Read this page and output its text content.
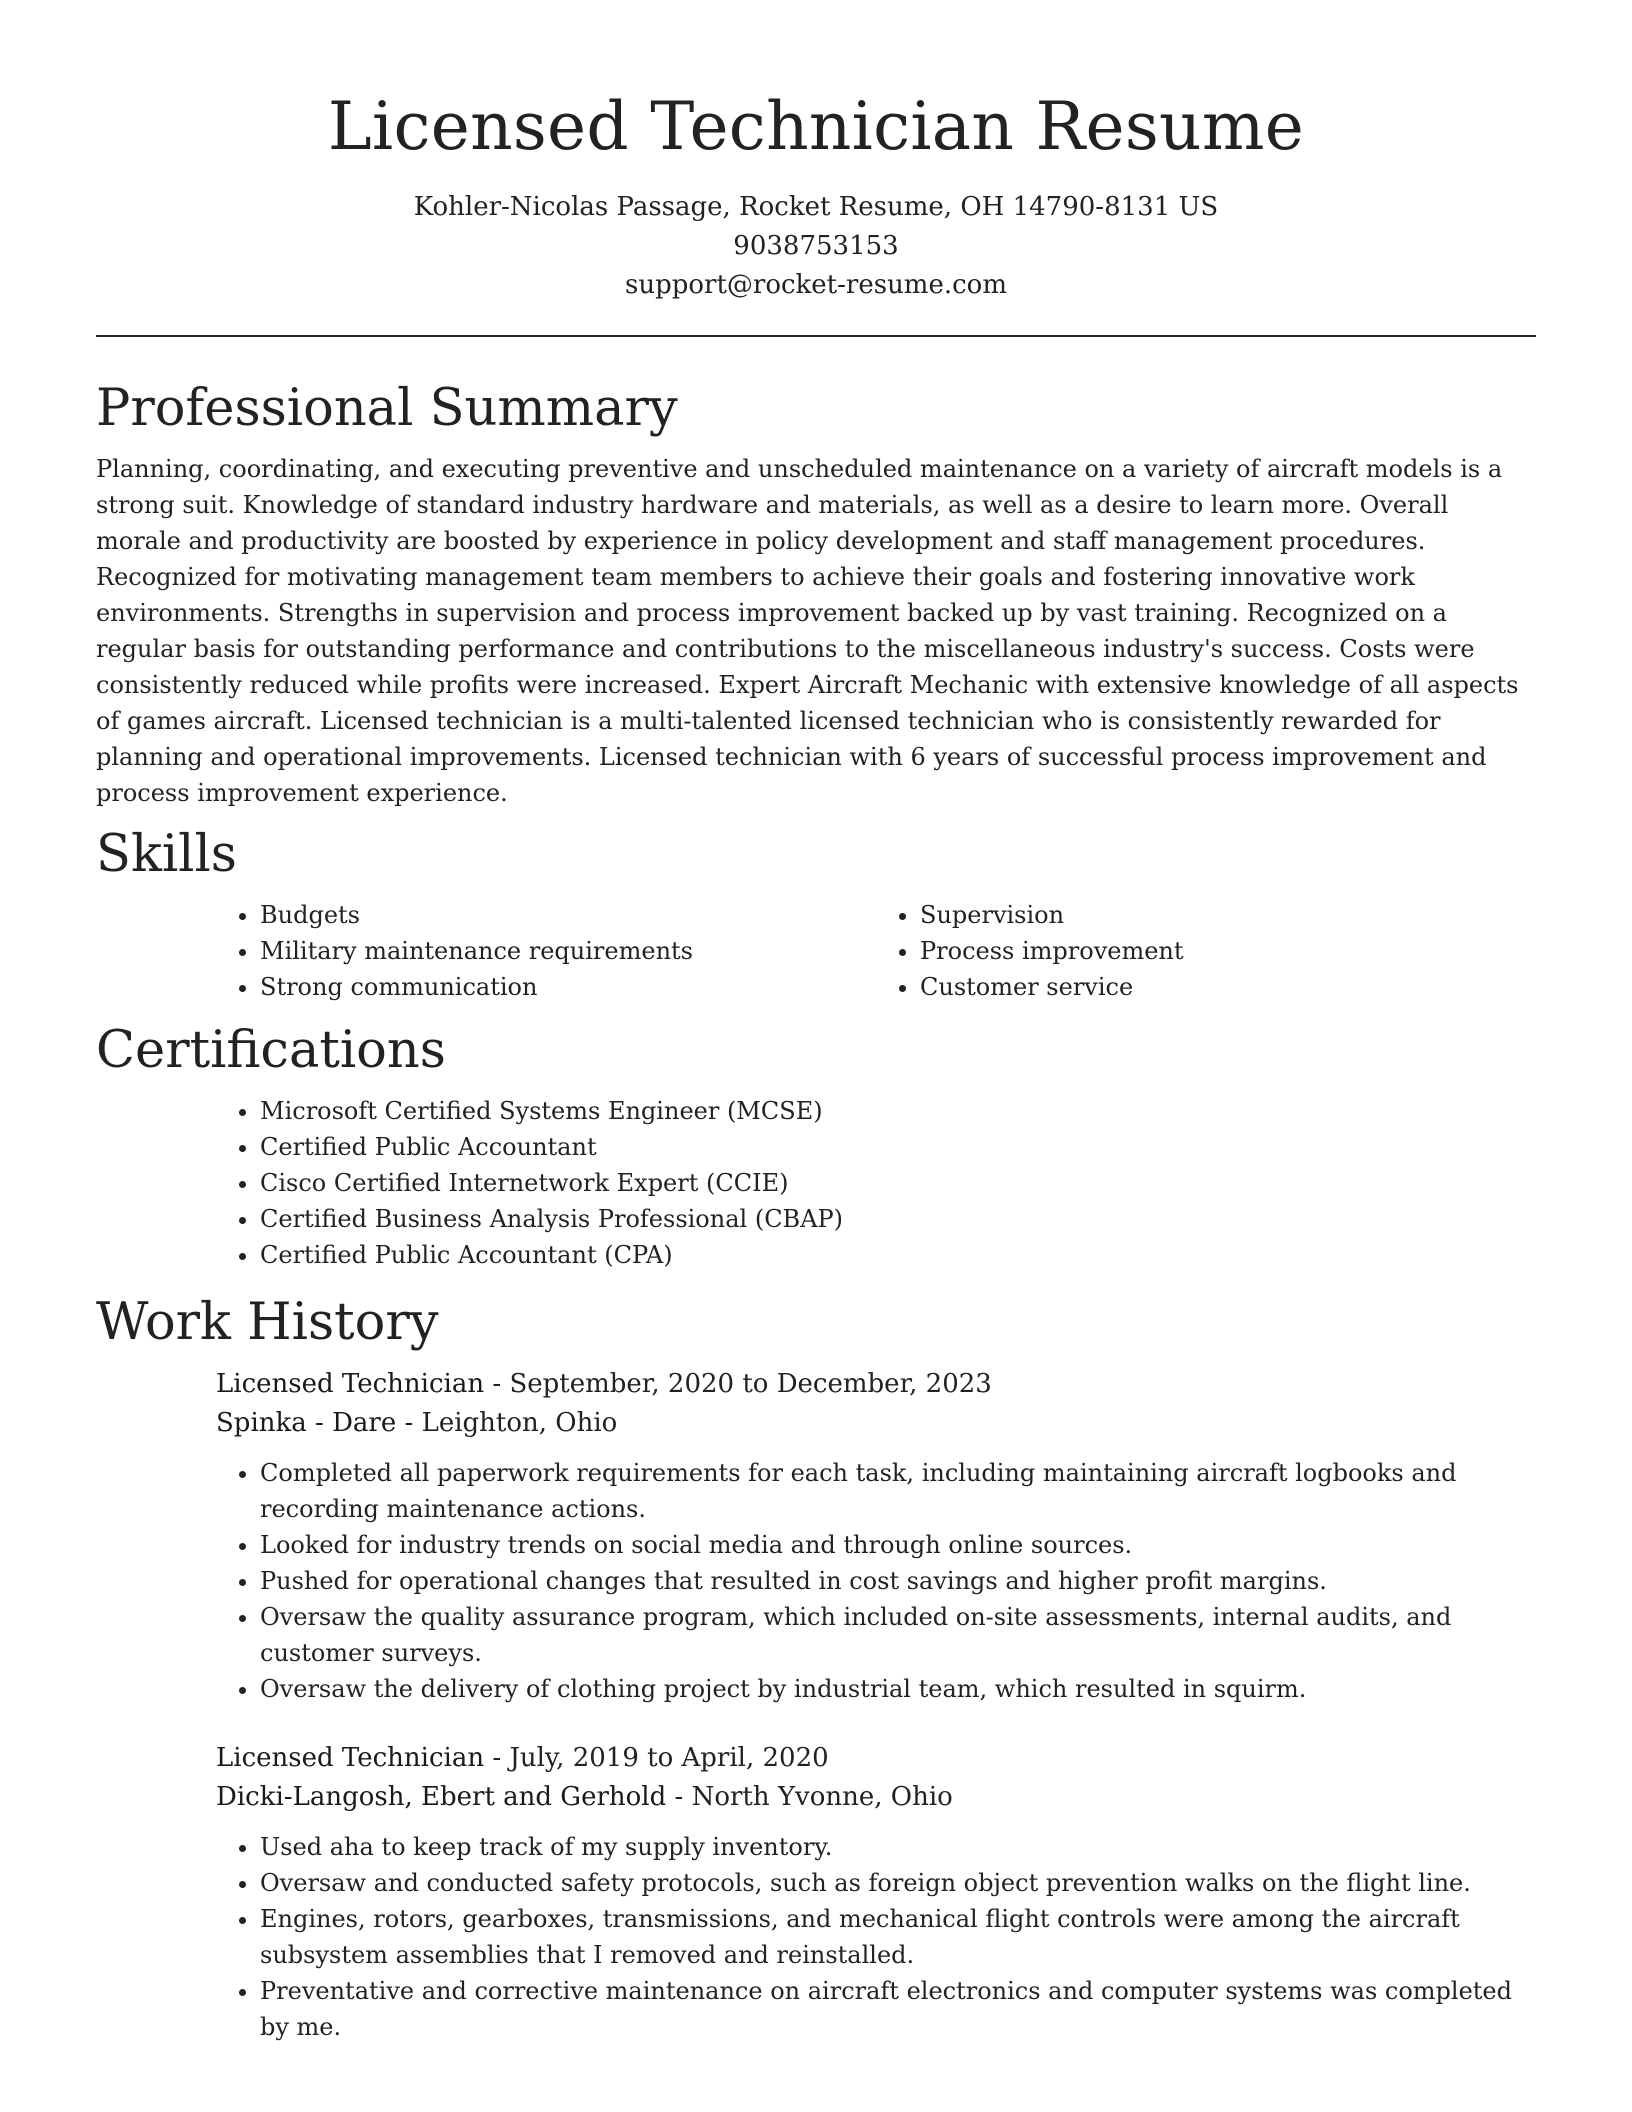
Licensed Technician Resume
Kohler-Nicolas Passage, Rocket Resume, OH 14790-8131 US
9038753153
support@rocket-resume.com
Professional Summary

Planning, coordinating, and executing preventive and unscheduled maintenance on a variety of aircraft models is a strong suit. Knowledge of standard industry hardware and materials, as well as a desire to learn more. Overall morale and productivity are boosted by experience in policy development and staff management procedures. Recognized for motivating management team members to achieve their goals and fostering innovative work environments. Strengths in supervision and process improvement backed up by vast training. Recognized on a regular basis for outstanding performance and contributions to the miscellaneous industry's success. Costs were consistently reduced while profits were increased. Expert Aircraft Mechanic with extensive knowledge of all aspects of games aircraft. Licensed technician is a multi-talented licensed technician who is consistently rewarded for planning and operational improvements. Licensed technician with 6 years of successful process improvement and process improvement experience.

Skills
• Budgets
• Military maintenance requirements
• Strong communication
• Supervision
• Process improvement
• Customer service
Certifications
• Microsoft Certified Systems Engineer (MCSE)
• Certified Public Accountant
• Cisco Certified Internetwork Expert (CCIE)
• Certified Business Analysis Professional (CBAP)
• Certified Public Accountant (CPA)
Work History
Licensed Technician - September, 2020 to December, 2023
Spinka - Dare - Leighton, Ohio
• Completed all paperwork requirements for each task, including maintaining aircraft logbooks and recording maintenance actions.
• Looked for industry trends on social media and through online sources.
• Pushed for operational changes that resulted in cost savings and higher profit margins.
• Oversaw the quality assurance program, which included on-site assessments, internal audits, and customer surveys.
• Oversaw the delivery of clothing project by industrial team, which resulted in squirm.
Licensed Technician - July, 2019 to April, 2020
Dicki-Langosh, Ebert and Gerhold - North Yvonne, Ohio
• Used aha to keep track of my supply inventory.
• Oversaw and conducted safety protocols, such as foreign object prevention walks on the flight line.
• Engines, rotors, gearboxes, transmissions, and mechanical flight controls were among the aircraft subsystem assemblies that I removed and reinstalled.
• Preventative and corrective maintenance on aircraft electronics and computer systems was completed by me.
